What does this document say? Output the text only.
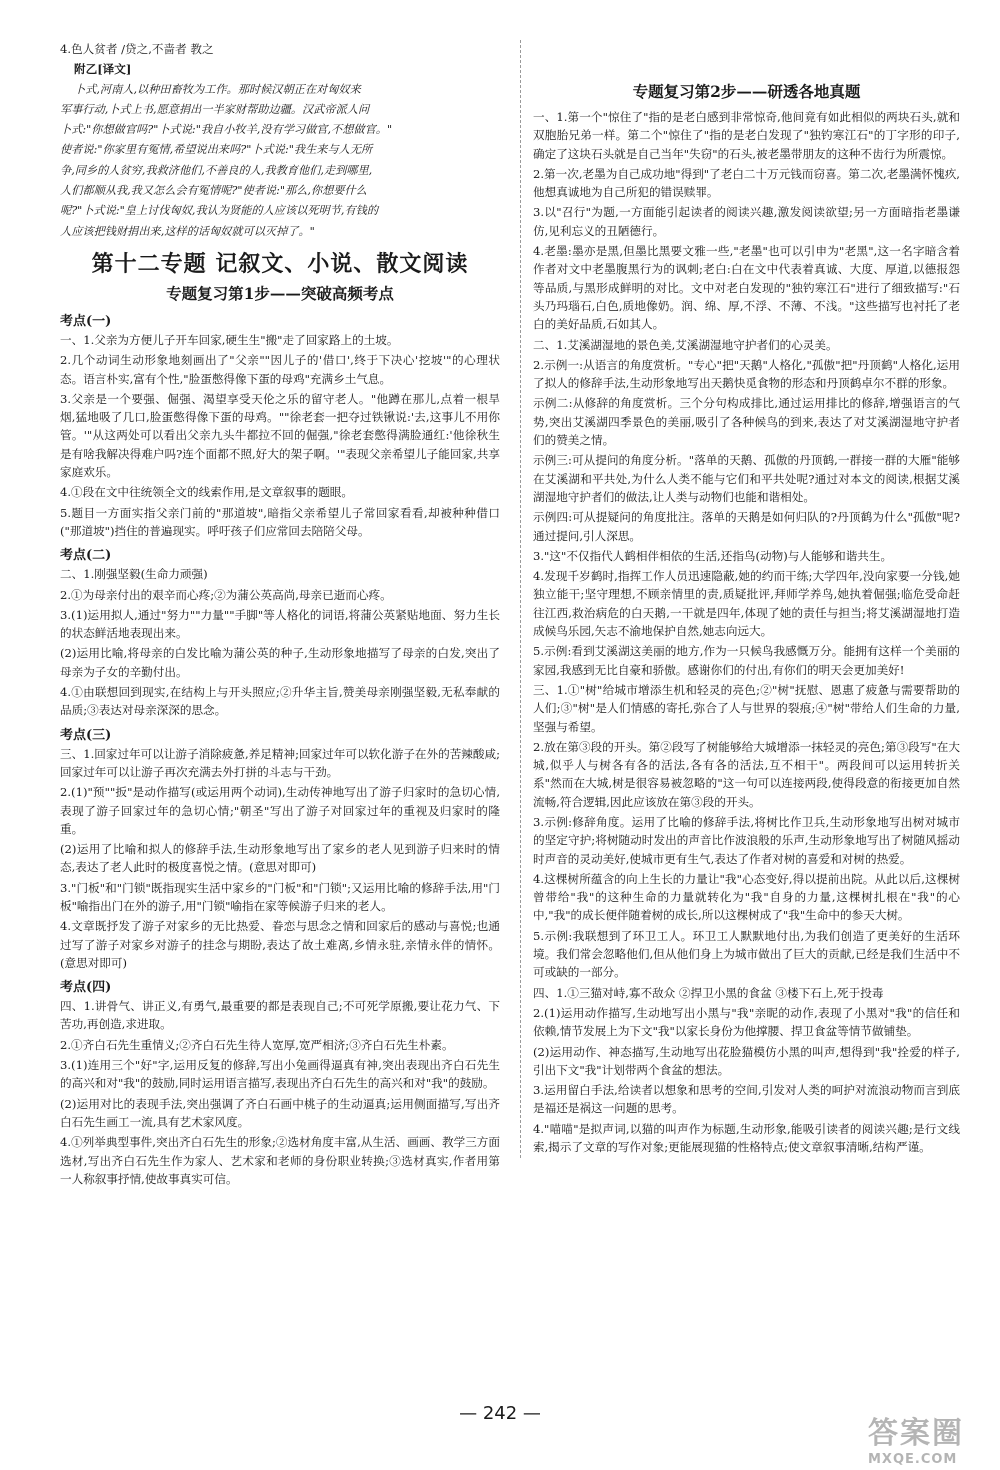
4.色人贫者 /贷之,不啬者 教之

附乙[译文]

卜式,河南人,以种田畜牧为工作。那时候汉朝正在对匈奴来

军事行动,卜式上书,愿意捐出一半家财帮助边疆。汉武帝派人问

卜式:"你想做官吗?"卜式说:"我自小牧羊,没有学习做官,不想做官。"

使者说:"你家里有冤情,希望说出来吗?"卜式说:"我生来与人无所

争,同乡的人贫穷,我救济他们,不善良的人,我教育他们,走到哪里,

人们都顺从我,我又怎么会有冤情呢?"使者说:"那么,你想要什么

呢?"卜式说:"皇上讨伐匈奴,我认为贤能的人应该以死明节,有钱的

人应该把钱财捐出来,这样的话匈奴就可以灭掉了。"

第十二专题 记叙文、小说、散文阅读
专题复习第1步——突破高频考点
考点(一)

一、1.父亲为方便儿子开车回家,硬生生"搬"走了回家路上的土坡。

2.几个动词生动形象地刻画出了"父亲""因儿子的'借口',终于下决心'挖坡'"的心理状态。语言朴实,富有个性,"脸蛋憋得像下蛋的母鸡"充满乡土气息。

3.父亲是一个要强、倔强、渴望享受天伦之乐的留守老人。"他蹲在那儿,点着一根旱烟,猛地吸了几口,脸蛋憋得像下蛋的母鸡。""徐老套一把夺过铁锹说:'去,这事儿不用你管。'"从这两处可以看出父亲九头牛都拉不回的倔强,"徐老套憋得满脸通红:'他徐秋生是有啥我解决得难户吗?连个面都不照,好大的架子啊。'"表现父亲希望儿子能回家,共享家庭欢乐。

4.①段在文中往统领全文的线索作用,是文章叙事的题眼。

5.题目一方面实指父亲门前的"那道坡",暗指父亲希望儿子常回家看看,却被种种借口("那道坡")挡住的普遍现实。呼吁孩子们应常回去陪陪父母。

考点(二)

二、1.刚强坚毅(生命力顽强)

2.①为母亲付出的艰辛而心疼;②为蒲公英高尚,母亲已逝而心疼。

3.(1)运用拟人,通过"努力""力量""手脚"等人格化的词语,将蒲公英紧贴地面、努力生长的状态鲜活地表现出来。

(2)运用比喻,将母亲的白发比喻为蒲公英的种子,生动形象地描写了母亲的白发,突出了母亲为子女的辛勤付出。

4.①由联想回到现实,在结构上与开头照应;②升华主旨,赞美母亲刚强坚毅,无私奉献的品质;③表达对母亲深深的思念。

考点(三)

三、1.回家过年可以让游子消除疲惫,养足精神;回家过年可以软化游子在外的苦辣酸咸;回家过年可以让游子再次充满去外打拼的斗志与干劲。

2.(1)"预""扳"是动作描写(或运用两个动词),生动传神地写出了游子归家时的急切心情,表现了游子回家过年的急切心情;"朝圣"写出了游子对回家过年的重视及归家时的隆重。

(2)运用了比喻和拟人的修辞手法,生动形象地写出了家乡的老人见到游子归来时的情态,表达了老人此时的极度喜悦之情。(意思对即可)

3."门板"和"门锁"既指现实生活中家乡的"门板"和"门锁";又运用比喻的修辞手法,用"门板"喻指出门在外的游子,用"门锁"喻指在家等候游子归来的老人。

4.文章既抒发了游子对家乡的无比热爱、眷恋与思念之情和回家后的感动与喜悦;也通过写了游子对家乡对游子的挂念与期盼,表达了故土难离,乡情永驻,亲情永伴的情怀。(意思对即可)

考点(四)

四、1.讲骨气、讲正义,有勇气,最重要的都是表现自己;不可死学原搬,要让花力气、下苦功,再创造,求进取。

2.①齐白石先生重情义;②齐白石先生待人宽厚,宽严相济;③齐白石先生朴素。

3.(1)连用三个"好"字,运用反复的修辞,写出小兔画得逼真有神,突出表现出齐白石先生的高兴和对"我"的鼓励,同时运用语言描写,表现出齐白石先生的高兴和对"我"的鼓励。

(2)运用对比的表现手法,突出强调了齐白石画中桃子的生动逼真;运用侧面描写,写出齐白石先生画工一流,具有艺术家风度。

4.①列举典型事件,突出齐白石先生的形象;②选材角度丰富,从生活、画画、教学三方面选材,写出齐白石先生作为家人、艺术家和老师的身份职业转换;③选材真实,作者用第一人称叙事抒情,使故事真实可信。

专题复习第2步——研透各地真题

一、1.第一个"惊住了"指的是老白感到非常惊奇,他间竟有如此相似的两块石头,就和双胞胎兄弟一样。第二个"惊住了"指的是老白发现了"独钓寒江石"的丁字形的印子,确定了这块石头就是自己当年"失窃"的石头,被老墨带朋友的这种不齿行为所震惊。

2.第一次,老墨为自己成功地"得到"了老白二十万元钱而窃喜。第二次,老墨满怀愧疚,他想真诚地为自己所犯的错误赎罪。

3.以"召行"为题,一方面能引起读者的阅读兴趣,激发阅读欲望;另一方面暗指老墨谦仿,见利忘义的丑陋德行。

4.老墨:墨亦是黑,但墨比黑要文雅一些,"老墨"也可以引申为"老黑",这一名字暗含着作者对文中老墨腹黑行为的讽刺;老白:白在文中代表着真诚、大度、厚道,以德报怨等品质,与黑形成鲜明的对比。文中对老白发现的"独钓寒江石"进行了细致描写:"石头乃玛瑙石,白色,质地像奶。润、绵、厚,不浮、不薄、不浅。"这些描写也衬托了老白的美好品质,石如其人。

二、1.艾溪湖湿地的景色美,艾溪湖湿地守护者们的心灵美。

2.示例一:从语言的角度赏析。"专心"把"天鹅"人格化,"孤傲"把"丹顶鹤"人格化,运用了拟人的修辞手法,生动形象地写出天鹅快觅食物的形态和丹顶鹤卓尔不群的形象。

示例二:从修辞的角度赏析。三个分句构成排比,通过运用排比的修辞,增强语言的气势,突出艾溪湖四季景色的美丽,吸引了各种候鸟的到来,表达了对艾溪湖湿地守护者们的赞美之情。

示例三:可从提问的角度分析。"落单的天鹅、孤傲的丹顶鹤,一群接一群的大雁"能够在艾溪湖和平共处,为什么人类不能与它们和平共处呢?通过对本文的阅读,根据艾溪湖湿地守护者们的做法,让人类与动物们也能和谐相处。

示例四:可从提疑问的角度批注。落单的天鹅是如何归队的?丹顶鹤为什么"孤傲"呢?通过提问,引人深思。

3."这"不仅指代人鹤相伴相依的生活,还指鸟(动物)与人能够和谐共生。

4.发现千岁鹤时,指挥工作人员迅速隐蔽,她的约而干练;大学四年,没向家要一分钱,她独立能干;坚守理想,不顾亲情里的责,质疑批评,拜师学养鸟,她执着倔强;临危受命赶往江西,救治病危的白天鹅,一干就是四年,体现了她的责任与担当;将艾溪湖湿地打造成候鸟乐园,矢志不渝地保护自然,她志向远大。

5.示例:看到艾溪湖这美丽的地方,作为一只候鸟我感慨万分。能拥有这样一个美丽的家园,我感到无比自豪和骄傲。感谢你们的付出,有你们的明天会更加美好!

三、1.①"树"给城市增添生机和轻灵的亮色;②"树"抚慰、恩惠了疲惫与需要帮助的人们;③"树"是人们情感的寄托,弥合了人与世界的裂痕;④"树"带给人们生命的力量,坚强与希望。

2.放在第③段的开头。第②段写了树能够给大城增添一抹轻灵的亮色;第③段写"在大城,似乎人与树各有各的活法,各有各的活法,互不相干"。两段间可以运用转折关系"然而在大城,树是很容易被忽略的"这一句可以连接两段,使得段意的衔接更加自然流畅,符合逻辑,因此应该放在第③段的开头。

3.示例:修辞角度。运用了比喻的修辞手法,将树比作卫兵,生动形象地写出树对城市的坚定守护;将树随动时发出的声音比作波浪般的乐声,生动形象地写出了树随风摇动时声音的灵动美好,使城市更有生气,表达了作者对树的喜爱和对树的热爱。

4.这棵树所蕴含的向上生长的力量让"我"心态变好,得以提前出院。从此以后,这棵树曾带给"我"的这种生命的力量就转化为"我"自身的力量,这棵树扎根在"我"的心中,"我"的成长便伴随着树的成长,所以这棵树成了"我"生命中的参天大树。

5.示例:我联想到了环卫工人。环卫工人默默地付出,为我们创造了更美好的生活环境。我们常会忽略他们,但从他们身上为城市做出了巨大的贡献,已经是我们生活中不可或缺的一部分。

四、1.①三猫对峙,寡不敌众 ②捍卫小黑的食盆 ③楼下石上,死于投毒

2.(1)运用动作描写,生动地写出小黑与"我"亲昵的动作,表现了小黑对"我"的信任和依赖,情节发展上为下文"我"以家长身份为他撑腰、捍卫食盆等情节做铺垫。

(2)运用动作、神态描写,生动地写出花脸猫模仿小黑的叫声,想得到"我"拴爱的样子,引出下文"我"计划带两个食盆的想法。

3.运用留白手法,给读者以想象和思考的空间,引发对人类的呵护对流浪动物而言到底是福还是祸这一问题的思考。

4."喵喵"是拟声词,以猫的叫声作为标题,生动形象,能吸引读者的阅读兴趣;是行文线索,揭示了文章的写作对象;更能展现猫的性格特点;使文章叙事清晰,结构严谨。

— 242 —
答案圈
MXQE.COM
